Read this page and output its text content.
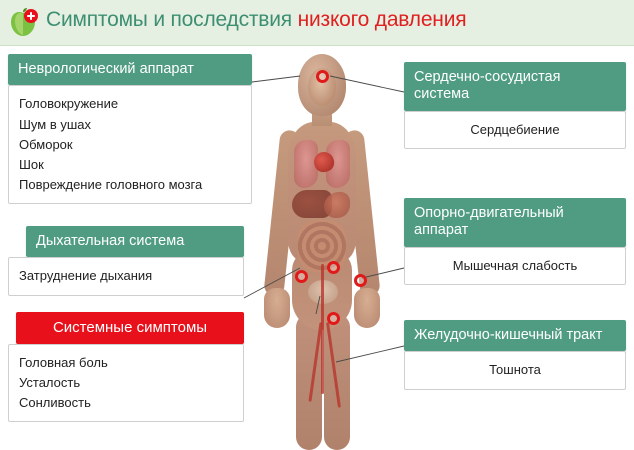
Симптомы и последствия низкого давления
Неврологический аппарат
Головокружение
Шум в ушах
Обморок
Шок
Повреждение головного мозга
Дыхательная система
Затруднение дыхания
Системные симптомы
Головная боль
Усталость
Сонливость
Сердечно-сосудистая система
Сердцебиение
Опорно-двигательный аппарат
Мышечная слабость
Желудочно-кишечный тракт
Тошнота
